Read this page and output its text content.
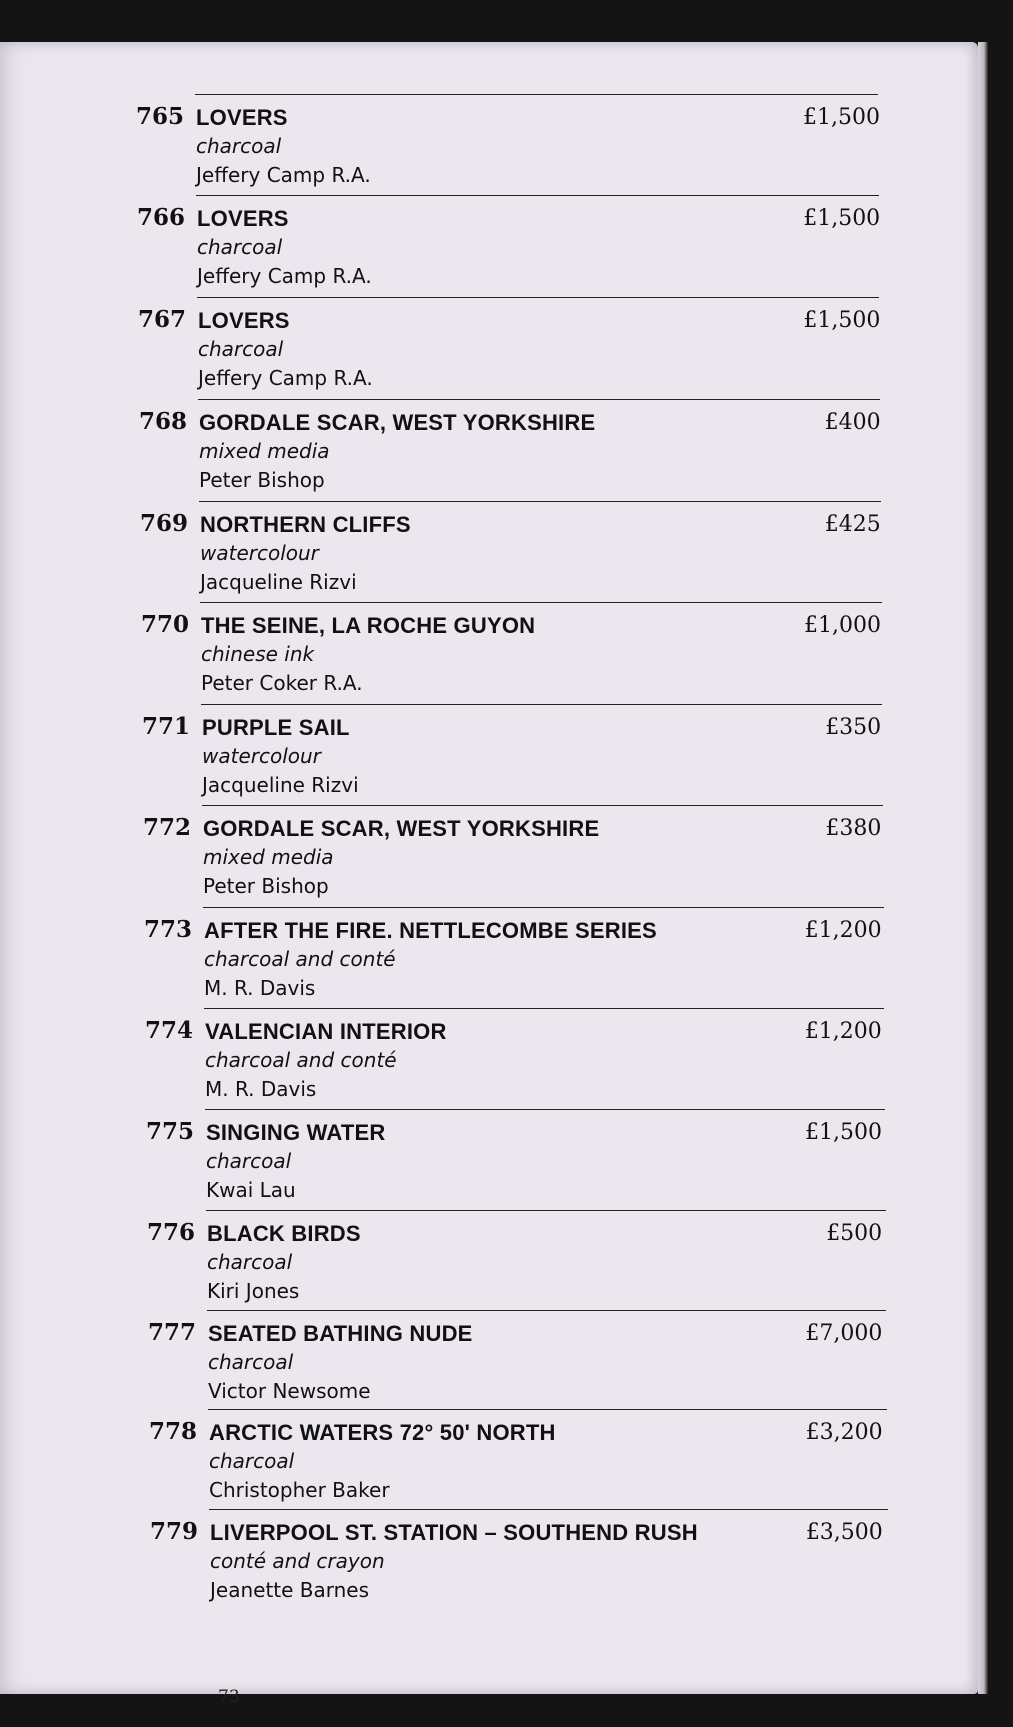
765 LOVERS
charcoal
Jeffery Camp R.A.
£1,500
766 LOVERS
charcoal
Jeffery Camp R.A.
£1,500
767 LOVERS
charcoal
Jeffery Camp R.A.
£1,500
768 GORDALE SCAR, WEST YORKSHIRE
mixed media
Peter Bishop
£400
769 NORTHERN CLIFFS
watercolour
Jacqueline Rizvi
£425
770 THE SEINE, LA ROCHE GUYON
chinese ink
Peter Coker R.A.
£1,000
771 PURPLE SAIL
watercolour
Jacqueline Rizvi
£350
772 GORDALE SCAR, WEST YORKSHIRE
mixed media
Peter Bishop
£380
773 AFTER THE FIRE. NETTLECOMBE SERIES
charcoal and conté
M. R. Davis
£1,200
774 VALENCIAN INTERIOR
charcoal and conté
M. R. Davis
£1,200
775 SINGING WATER
charcoal
Kwai Lau
£1,500
776 BLACK BIRDS
charcoal
Kiri Jones
£500
777 SEATED BATHING NUDE
charcoal
Victor Newsome
£7,000
778 ARCTIC WATERS 72° 50' NORTH
charcoal
Christopher Baker
£3,200
779 LIVERPOOL ST. STATION – SOUTHEND RUSH
conté and crayon
Jeanette Barnes
£3,500
73
